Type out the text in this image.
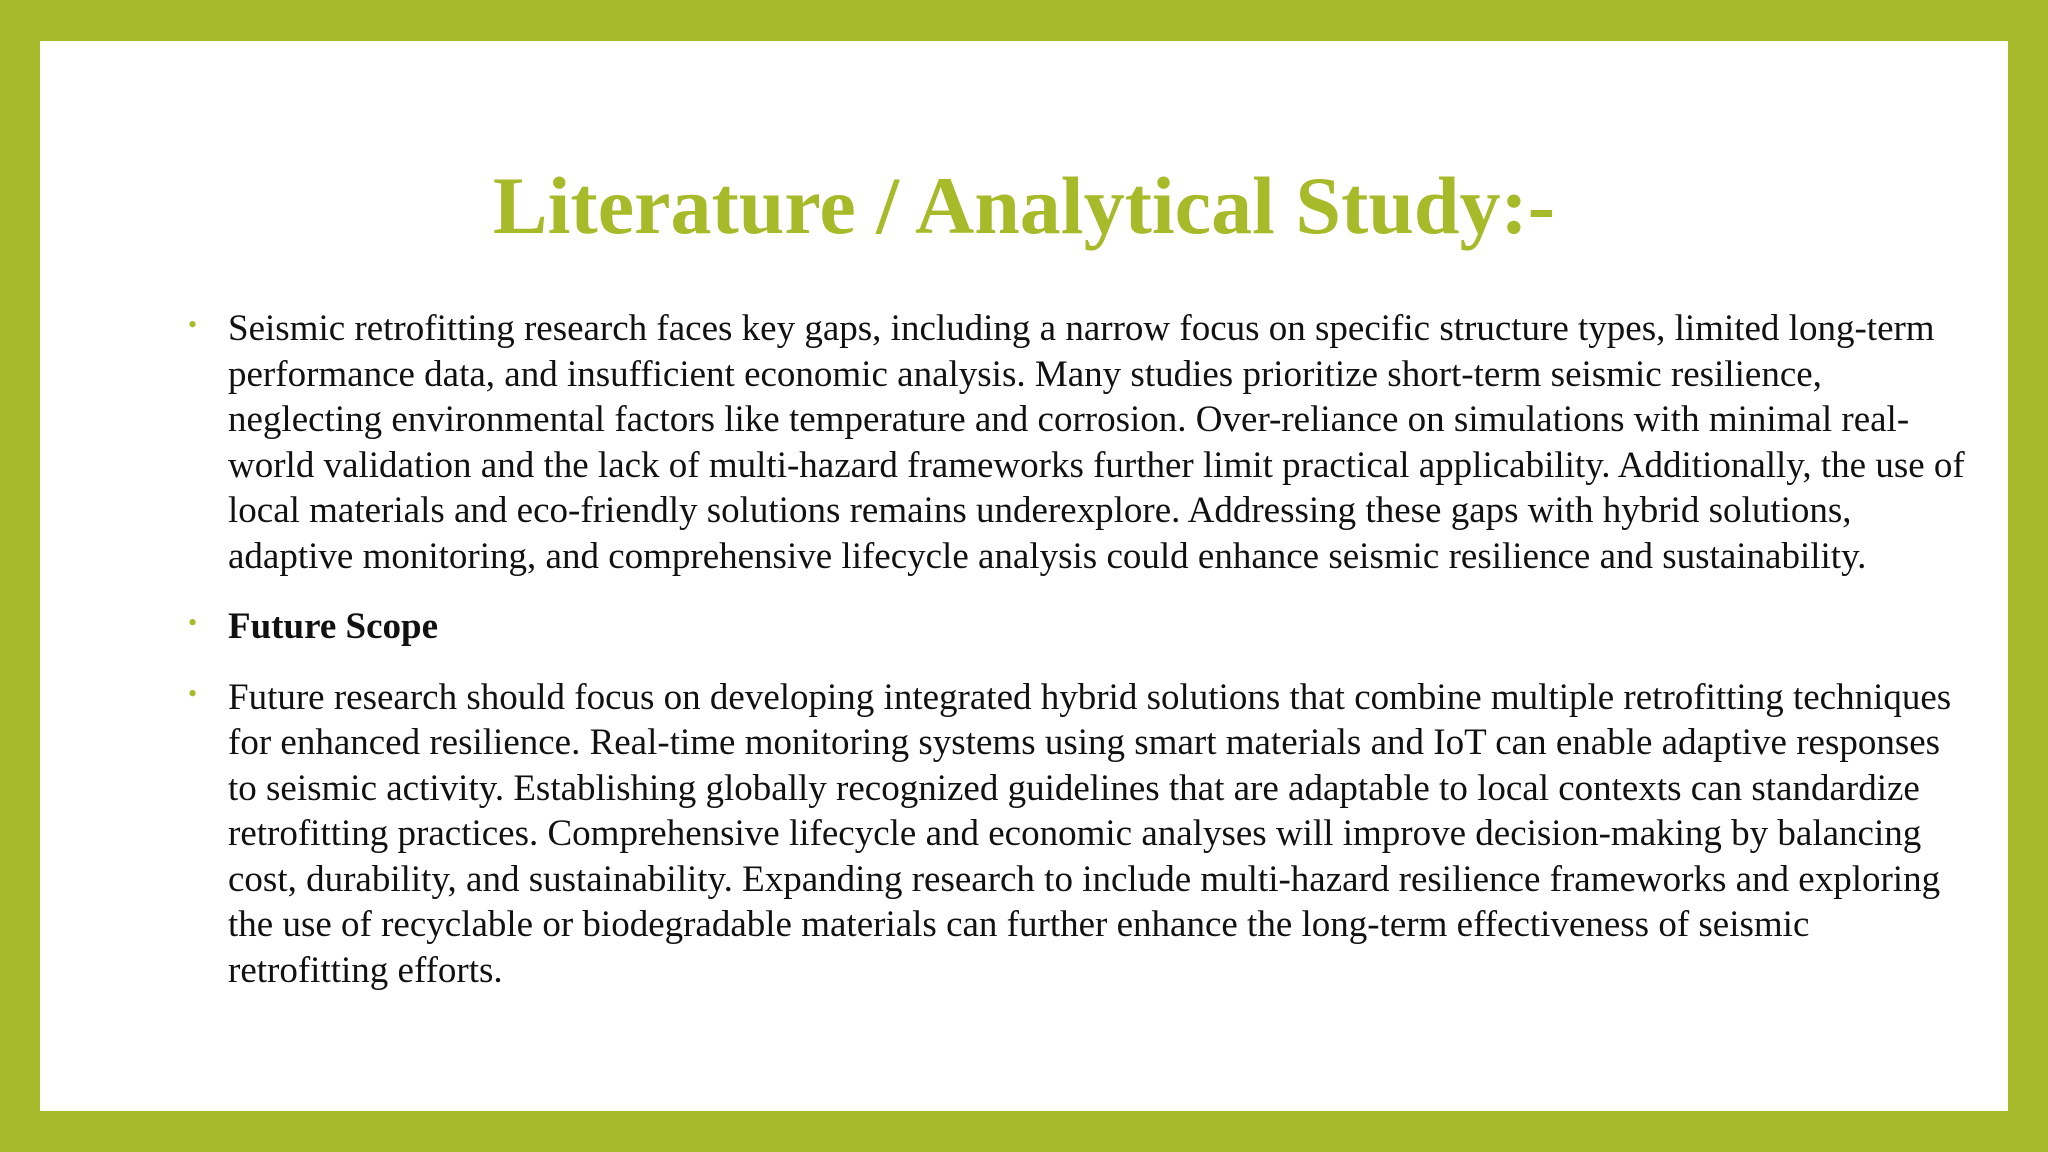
Literature / Analytical Study:-
• Seismic retrofitting research faces key gaps, including a narrow focus on specific structure types, limited long-term performance data, and insufficient economic analysis. Many studies prioritize short-term seismic resilience, neglecting environmental factors like temperature and corrosion. Over-reliance on simulations with minimal real-world validation and the lack of multi-hazard frameworks further limit practical applicability. Additionally, the use of local materials and eco-friendly solutions remains underexplore. Addressing these gaps with hybrid solutions, adaptive monitoring, and comprehensive lifecycle analysis could enhance seismic resilience and sustainability.
• Future Scope
• Future research should focus on developing integrated hybrid solutions that combine multiple retrofitting techniques for enhanced resilience. Real-time monitoring systems using smart materials and IoT can enable adaptive responses to seismic activity. Establishing globally recognized guidelines that are adaptable to local contexts can standardize retrofitting practices. Comprehensive lifecycle and economic analyses will improve decision-making by balancing cost, durability, and sustainability. Expanding research to include multi-hazard resilience frameworks and exploring the use of recyclable or biodegradable materials can further enhance the long-term effectiveness of seismic retrofitting efforts.
